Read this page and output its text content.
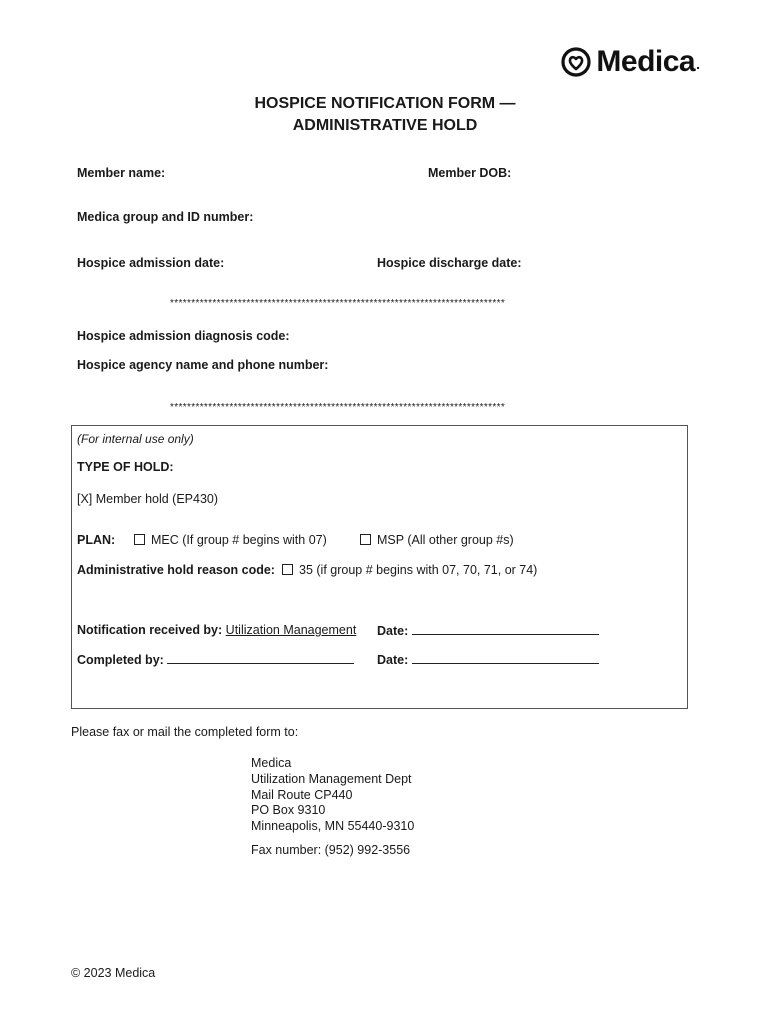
Medica .
HOSPICE NOTIFICATION FORM —
ADMINISTRATIVE HOLD
Member name:	Member DOB:
Medica group and ID number:
Hospice admission date:	Hospice discharge date:
*******************************************************************************
Hospice admission diagnosis code:
Hospice agency name and phone number:
*******************************************************************************
(For internal use only)
TYPE OF HOLD:
[X] Member hold (EP430)
PLAN:	MEC (If group # begins with 07)	MSP (All other group #s)
Administrative hold reason code:	35 (if group # begins with 07, 70, 71, or 74)
Notification received by: Utilization Management Date:
Completed by:	Date:
Please fax or mail the completed form to:
Medica
Utilization Management Dept
Mail Route CP440
PO Box 9310
Minneapolis, MN 55440-9310
Fax number: (952) 992-3556
© 2023 Medica
